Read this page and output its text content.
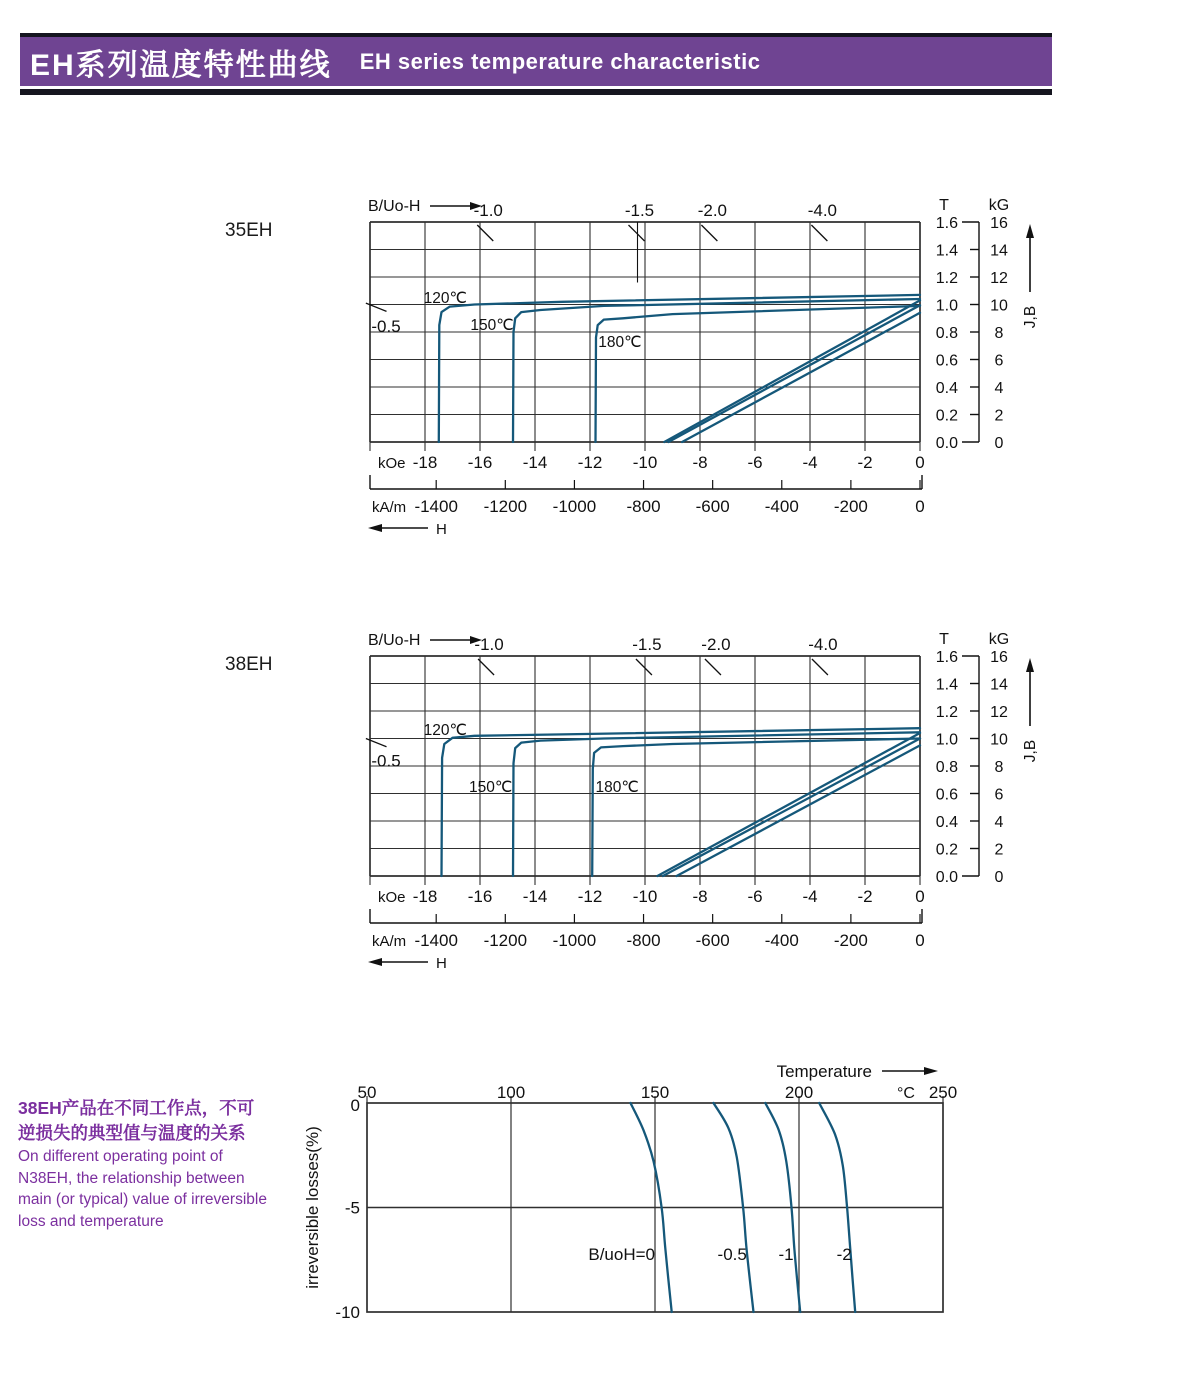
EH系列温度特性曲线 EH series temperature characteristic
35EH
38EH
B/Uo-H	-1.0	-1.5	-2.0	-4.0
-0.5
120℃
150℃
180℃
kOe -18 -16 -14 -12 -10 -8 -6 -4 -2	0
-1400 -1200 -1000 -800 -600 -400 -200	0
kA/m
H
T kG
1.6 16
1.4 14
1.2 12
1.0 10
0.8 8
0.6 6
0.4 4
0.2 2
0.0 0
J,B
B/Uo-H	-1.0	-1.5 -2.0	-4.0
-0.5
120℃
150℃	180℃
kOe -18 -16 -14 -12 -10 -8 -6 -4 -2	0
-1400 -1200 -1000 -800 -600 -400 -200	0
kA/m
H
T kG
1.6 16
1.4 14
1.2 12
1.0 10
0.8 8
0.6 6
0.4 4
0.2 2
0.0 0
J,B
Temperature
50	100	150	200	250
°C
0
-5
-10
irreversible losses(%)	B/uoH=0	-0.5 -1	-2
38EH产品在不同工作点，不可
逆损失的典型值与温度的关系
On different operating point of
N38EH, the relationship between
main (or typical) value of irreversible
loss and temperature
